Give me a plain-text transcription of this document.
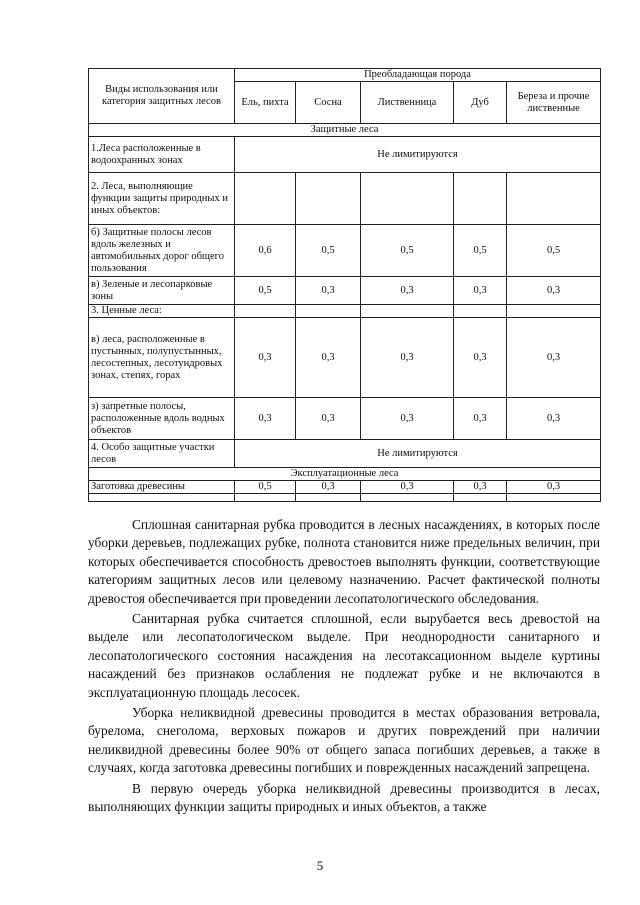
Виды использования или категория защитных лесов	Преобладающая порода				
	Ель, пихта	Сосна	Лиственница	Дуб	Береза и прочие лиственные
Защитные леса					
1.Леса расположенные в водоохранных зонах	Не лимитируются				
2. Леса, выполняющие функции защиты природных и иных объектов:					
б) Защитные полосы лесов вдоль железных и автомобильных дорог общего пользования	0,6	0,5	0,5	0,5	0,5
в) Зеленые и лесопарковые зоны	0,5	0,3	0,3	0,3	0,3
3. Ценные леса:					
в) леса, расположенные в пустынных, полупустынных, лесостепных, лесотундровых зонах, степях, горах	0,3	0,3	0,3	0,3	0,3
з) запретные полосы, расположенные вдоль водных объектов	0,3	0,3	0,3	0,3	0,3
4. Особо защитные участки лесов	Не лимитируются				
Эксплуатационные леса					
Заготовка древесины	0,5	0,3	0,3	0,3	0,3

Сплошная санитарная рубка проводится в лесных насаждениях, в которых после уборки деревьев, подлежащих рубке, полнота становится ниже предельных величин, при которых обеспечивается способность древостоев выполнять функции, соответствующие категориям защитных лесов или целевому назначению. Расчет фактической полноты древостоя обеспечивается при проведении лесопатологического обследования.

Санитарная рубка считается сплошной, если вырубается весь древостой на выделе или лесопатологическом выделе. При неоднородности санитарного и лесопатологического состояния насаждения на лесотаксационном выделе куртины насаждений без признаков ослабления не подлежат рубке и не включаются в эксплуатационную площадь лесосек.

Уборка неликвидной древесины проводится в местах образования ветровала, бурелома, снеголома, верховых пожаров и других повреждений при наличии неликвидной древесины более 90% от общего запаса погибших деревьев, а также в случаях, когда заготовка древесины погибших и поврежденных насаждений запрещена.

В первую очередь уборка неликвидной древесины производится в лесах, выполняющих функции защиты природных и иных объектов, а также

5
